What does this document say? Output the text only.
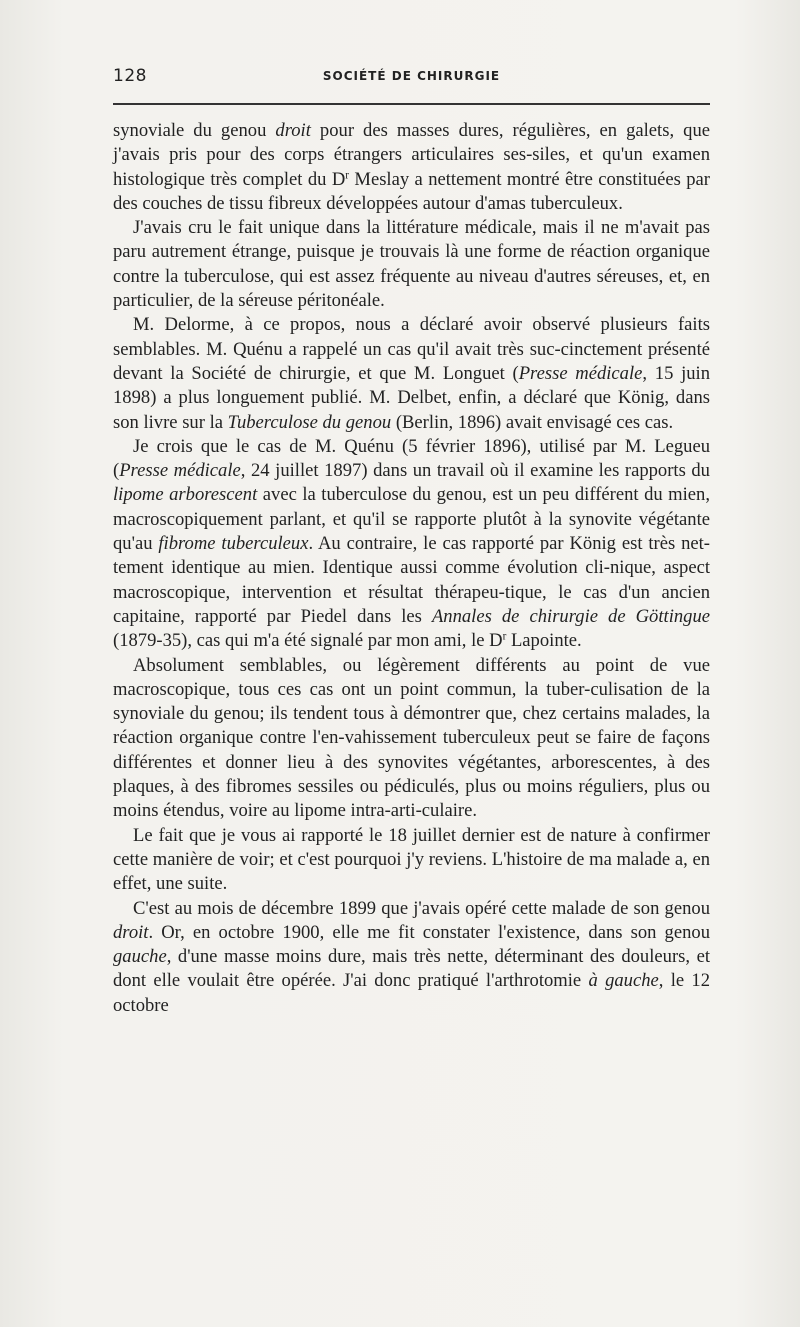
128	SOCIÉTÉ DE CHIRURGIE

synoviale du genou droit pour des masses dures, régulières, en galets, que j'avais pris pour des corps étrangers articulaires ses-siles, et qu'un examen histologique très complet du $D^r$ Meslay a nettement montré être constituées par des couches de tissu fibreux développées autour d'amas tuberculeux.

J'avais cru le fait unique dans la littérature médicale, mais il ne m'avait pas paru autrement étrange, puisque je trouvais là une forme de réaction organique contre la tuberculose, qui est assez fréquente au niveau d'autres séreuses, et, en particulier, de la séreuse péritonéale.

M. Delorme, à ce propos, nous a déclaré avoir observé plusieurs faits semblables. M. Quénu a rappelé un cas qu'il avait très suc-cinctement présenté devant la Société de chirurgie, et que M. Longuet (Presse médicale, 15 juin 1898) a plus longuement publié. M. Delbet, enfin, a déclaré que König, dans son livre sur la Tuberculose du genou (Berlin, 1896) avait envisagé ces cas.

Je crois que le cas de M. Quénu (5 février 1896), utilisé par M. Legueu (Presse médicale, 24 juillet 1897) dans un travail où il examine les rapports du lipome arborescent avec la tuberculose du genou, est un peu différent du mien, macroscopiquement parlant, et qu'il se rapporte plutôt à la synovite végétante qu'au fibrome tuberculeux. Au contraire, le cas rapporté par König est très net-tement identique au mien. Identique aussi comme évolution cli-nique, aspect macroscopique, intervention et résultat thérapeu-tique, le cas d'un ancien capitaine, rapporté par Piedel dans les Annales de chirurgie de Göttingue (1879-35), cas qui m'a été signalé par mon ami, le $D^r$ Lapointe.

Absolument semblables, ou légèrement différents au point de vue macroscopique, tous ces cas ont un point commun, la tuber-culisation de la synoviale du genou; ils tendent tous à démontrer que, chez certains malades, la réaction organique contre l'en-vahissement tuberculeux peut se faire de façons différentes et donner lieu à des synovites végétantes, arborescentes, à des plaques, à des fibromes sessiles ou pédiculés, plus ou moins réguliers, plus ou moins étendus, voire au lipome intra-arti-culaire.

Le fait que je vous ai rapporté le 18 juillet dernier est de nature à confirmer cette manière de voir; et c'est pourquoi j'y reviens. L'histoire de ma malade a, en effet, une suite.

C'est au mois de décembre 1899 que j'avais opéré cette malade de son genou droit. Or, en octobre 1900, elle me fit constater l'existence, dans son genou gauche, d'une masse moins dure, mais très nette, déterminant des douleurs, et dont elle voulait être opérée. J'ai donc pratiqué l'arthrotomie à gauche, le 12 octobre
